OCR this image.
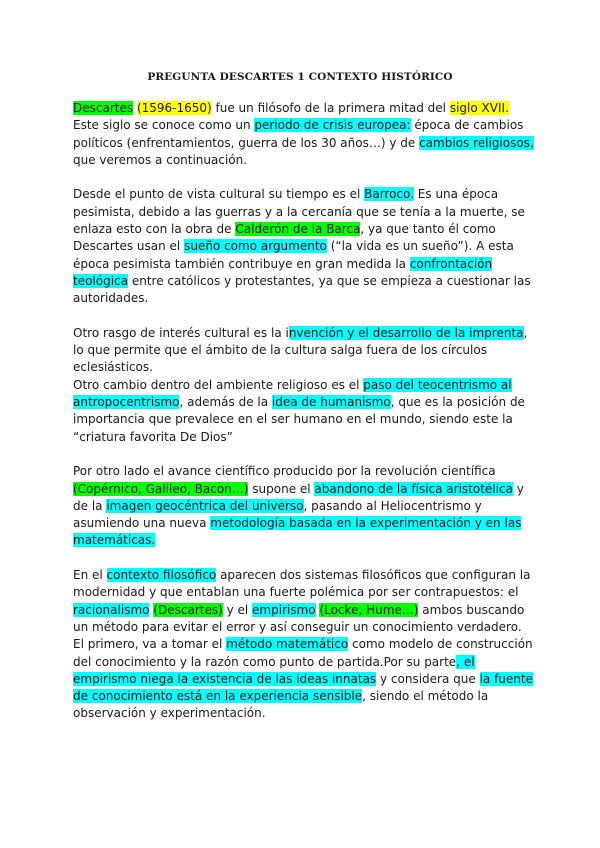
PREGUNTA DESCARTES 1 CONTEXTO HISTÓRICO

Descartes (1596-1650) fue un filósofo de la primera mitad del siglo XVII. Este siglo se conoce como un periodo de crisis europea: época de cambios políticos (enfrentamientos, guerra de los 30 años…) y de cambios religiosos, que veremos a continuación.

Desde el punto de vista cultural su tiempo es el Barroco. Es una época pesimista, debido a las guerras y a la cercanía que se tenía a la muerte, se enlaza esto con la obra de Calderón de la Barca, ya que tanto él como Descartes usan el sueño como argumento (“la vida es un sueño”). A esta época pesimista también contribuye en gran medida la confrontación teológica entre católicos y protestantes, ya que se empieza a cuestionar las autoridades.

Otro rasgo de interés cultural es la invención y el desarrollo de la imprenta, lo que permite que el ámbito de la cultura salga fuera de los círculos eclesiásticos.

Otro cambio dentro del ambiente religioso es el paso del teocentrismo al antropocentrismo, además de la idea de humanismo, que es la posición de importancia que prevalece en el ser humano en el mundo, siendo este la “criatura favorita De Dios”

Por otro lado el avance científico producido por la revolución científica (Copérnico, Galileo, Bacon…) supone el abandono de la física aristotélica y de la imagen geocéntrica del universo, pasando al Heliocentrismo y asumiendo una nueva metodología basada en la experimentación y en las matemáticas.

En el contexto filosófico aparecen dos sistemas filosóficos que configuran la modernidad y que entablan una fuerte polémica por ser contrapuestos: el racionalismo (Descartes) y el empirismo (Locke, Hume…) ambos buscando un método para evitar el error y así conseguir un conocimiento verdadero.

El primero, va a tomar el método matemático como modelo de construcción del conocimiento y la razón como punto de partida.Por su parte, el empirismo niega la existencia de las ideas innatas y considera que la fuente de conocimiento está en la experiencia sensible, siendo el método la observación y experimentación.
